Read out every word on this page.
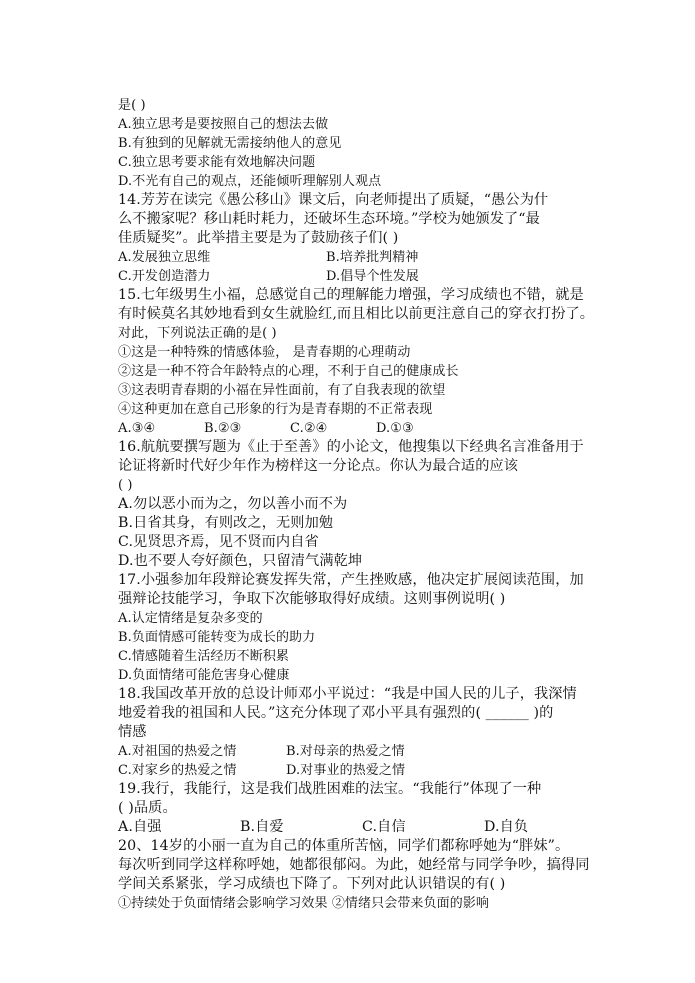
是( )
A.独立思考是要按照自己的想法去做
B.有独到的见解就无需接纳他人的意见
C.独立思考要求能有效地解决问题
D.不光有自己的观点，还能倾听理解别人观点
14.芳芳在读完《愚公移山》课文后，向老师提出了质疑，“愚公为什
么不搬家呢？移山耗时耗力，还破坏生态环境。”学校为她颁发了“最
佳质疑奖”。此举措主要是为了鼓励孩子们( )
A.发展独立思维	B.培养批判精神
C.开发创造潜力	D.倡导个性发展
15.七年级男生小福，总感觉自己的理解能力增强，学习成绩也不错，就是
有时候莫名其妙地看到女生就脸红,而且相比以前更注意自己的穿衣打扮了。
对此，下列说法正确的是( )
①这是一种特殊的情感体验， 是青春期的心理萌动
②这是一种不符合年龄特点的心理，不利于自己的健康成长
③这表明青春期的小福在异性面前，有了自我表现的欲望
④这种更加在意自己形象的行为是青春期的不正常表现
A.③④	B.②③	C.②④	D.①③
16.航航要撰写题为《止于至善》的小论文，他搜集以下经典名言准备用于
论证将新时代好少年作为榜样这一分论点。你认为最合适的应该
( )
A.勿以恶小而为之，勿以善小而不为
B.日省其身，有则改之，无则加勉
C.见贤思齐焉，见不贤而内自省
D.也不要人夸好颜色，只留清气满乾坤
17.小强参加年段辩论赛发挥失常，产生挫败感，他决定扩展阅读范围，加
强辩论技能学习，争取下次能够取得好成绩。这则事例说明( )
A.认定情绪是复杂多变的
B.负面情感可能转变为成长的助力
C.情感随着生活经历不断积累
D.负面情绪可能危害身心健康
18.我国改革开放的总设计师邓小平说过：“我是中国人民的儿子，我深情
地爱着我的祖国和人民。”这充分体现了邓小平具有强烈的( ______ )的
情感
A.对祖国的热爱之情	B.对母亲的热爱之情
C.对家乡的热爱之情	D.对事业的热爱之情
19.我行，我能行，这是我们战胜困难的法宝。“我能行”体现了一种
( )品质。
A.自强	B.自爱	C.自信	D.自负
20、14岁的小丽一直为自己的体重所苦恼，同学们都称呼她为“胖妹”。
每次听到同学这样称呼她，她都很郁闷。为此，她经常与同学争吵，搞得同
学间关系紧张，学习成绩也下降了。下列对此认识错误的有( )
①持续处于负面情绪会影响学习效果 ②情绪只会带来负面的影响
